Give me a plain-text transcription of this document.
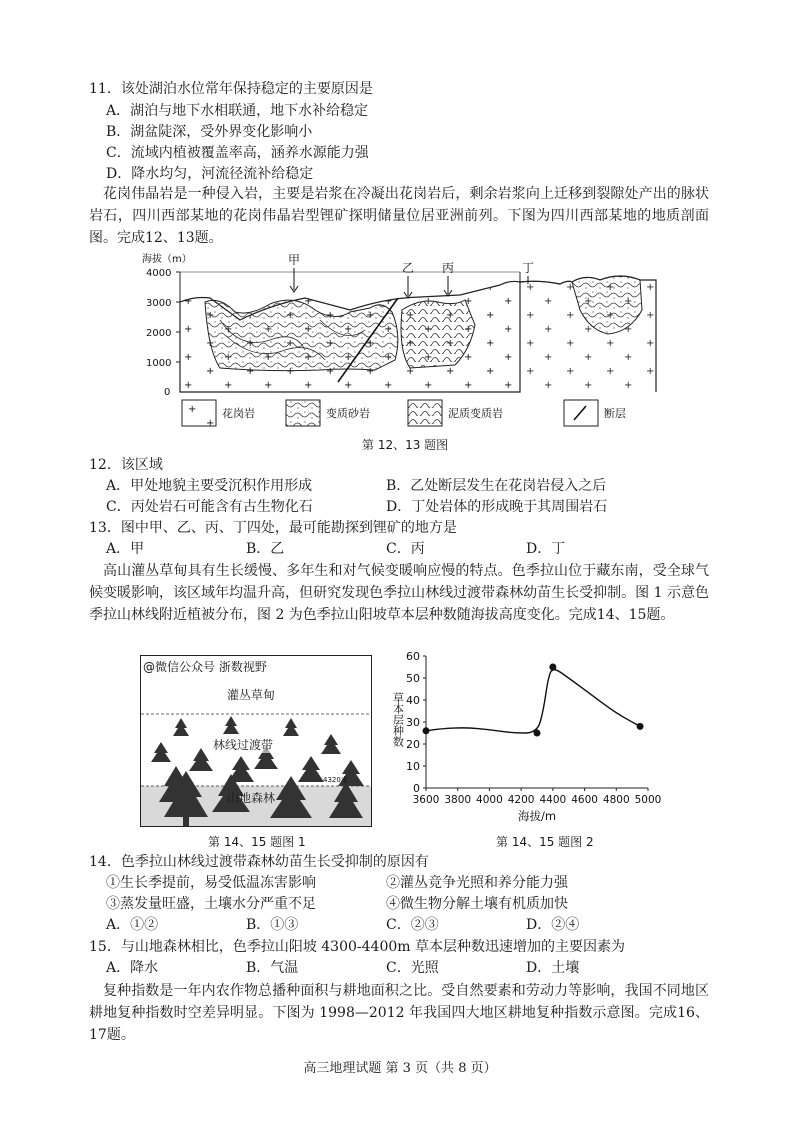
11．该处湖泊水位常年保持稳定的主要原因是
A．湖泊与地下水相联通，地下水补给稳定
B．湖盆陡深，受外界变化影响小
C．流域内植被覆盖率高，涵养水源能力强
D．降水均匀，河流径流补给稳定
花岗伟晶岩是一种侵入岩，主要是岩浆在冷凝出花岗岩后，剩余岩浆向上迁移到裂隙处产出的脉状岩石，四川西部某地的花岗伟晶岩型锂矿探明储量位居亚洲前列。下图为四川西部某地的地质剖面图。完成12、13题。
海拔（m）
4000
3000
2000
1000
0
甲
乙 丙	丁
花岗岩	变质砂岩	泥质变质岩	断层
第 12、13 题图
12．该区域
A．甲处地貌主要受沉积作用形成	B．乙处断层发生在花岗岩侵入之后
C．丙处岩石可能含有古生物化石	D．丁处岩体的形成晚于其周围岩石
13．图中甲、乙、丙、丁四处，最可能勘探到锂矿的地方是
A．甲	B．乙	C．丙	D．丁
高山灌丛草甸具有生长缓慢、多年生和对气候变暖响应慢的特点。色季拉山位于藏东南，受全球气候变暖影响，该区域年均温升高，但研究发现色季拉山林线过渡带森林幼苗生长受抑制。图 1 示意色季拉山林线附近植被分布，图 2 为色季拉山阳坡草本层种数随海拔高度变化。完成14、15题。
4320米
@微信公众号 浙数视野
灌丛草甸
林线过渡带
山地森林
第 14、15 题图 1
0
10
20
30
40
50
60
3600 3800 4000 4200 4400 4600 4800 5000
海拔/m
草本层种数
第 14、15 题图 2
14．色季拉山林线过渡带森林幼苗生长受抑制的原因有
①生长季提前，易受低温冻害影响	②灌丛竞争光照和养分能力强
③蒸发量旺盛，土壤水分严重不足	④微生物分解土壤有机质加快
A．①②	B．①③	C．②③	D．②④
15．与山地森林相比，色季拉山阳坡 4300-4400m 草本层种数迅速增加的主要因素为
A．降水	B．气温	C．光照	D．土壤
复种指数是一年内农作物总播种面积与耕地面积之比。受自然要素和劳动力等影响，我国不同地区耕地复种指数时空差异明显。下图为 1998—2012 年我国四大地区耕地复种指数示意图。完成16、17题。
高三地理试题 第 3 页（共 8 页）
